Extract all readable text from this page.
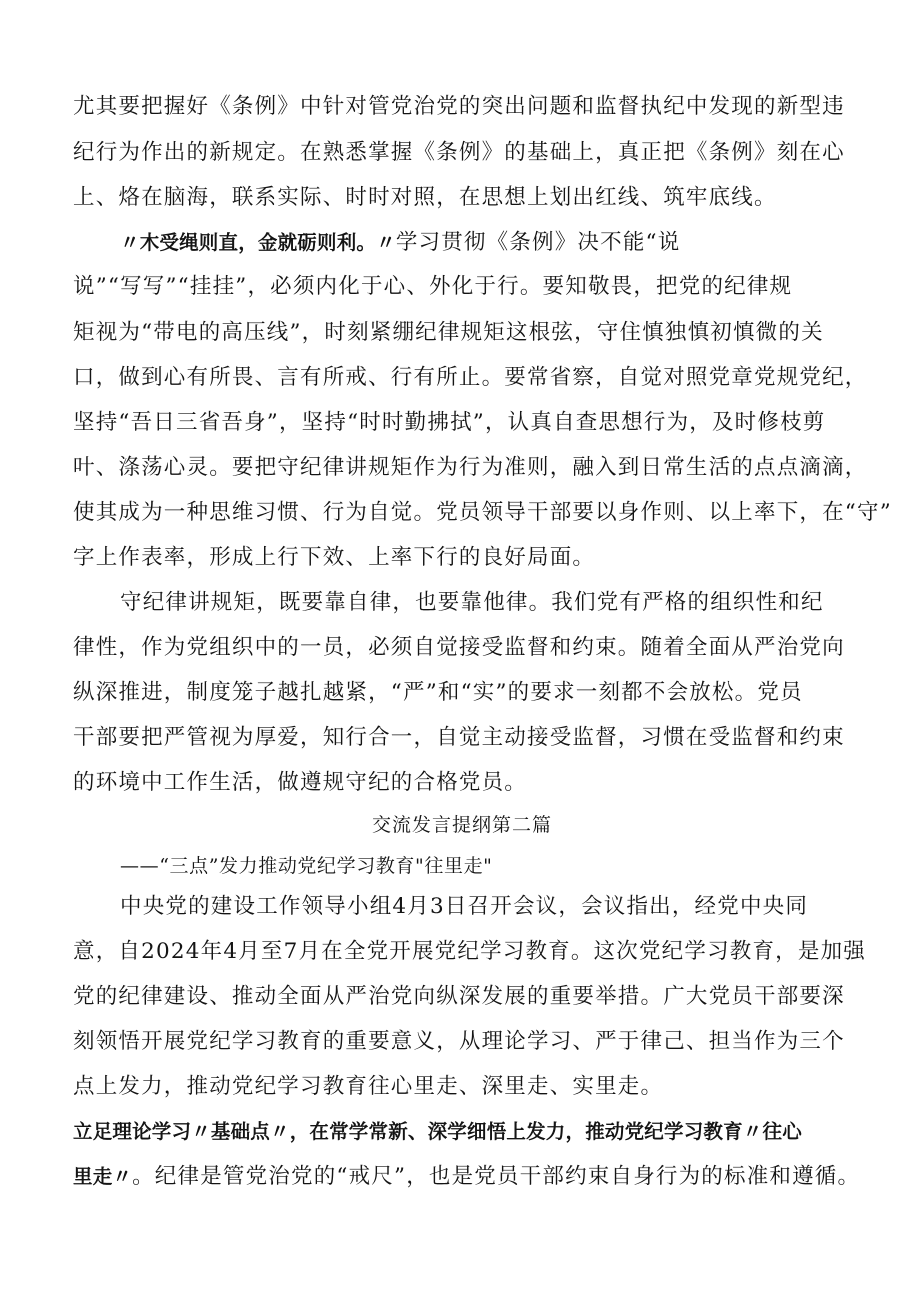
尤其要把握好《条例》中针对管党治党的突出问题和监督执纪中发现的新型违
纪行为作出的新规定。在熟悉掌握《条例》的基础上，真正把《条例》刻在心
上、烙在脑海，联系实际、时时对照，在思想上划出红线、筑牢底线。
〃木受绳则直，金就砺则利。〃学习贯彻《条例》决不能“说
说”“写写”“挂挂”，必须内化于心、外化于行。要知敬畏，把党的纪律规
矩视为“带电的高压线”，时刻紧绷纪律规矩这根弦，守住慎独慎初慎微的关
口，做到心有所畏、言有所戒、行有所止。要常省察，自觉对照党章党规党纪，
坚持“吾日三省吾身”，坚持“时时勤拂拭”，认真自查思想行为，及时修枝剪
叶、涤荡心灵。要把守纪律讲规矩作为行为准则，融入到日常生活的点点滴滴，
使其成为一种思维习惯、行为自觉。党员领导干部要以身作则、以上率下，在“守”
字上作表率，形成上行下效、上率下行的良好局面。
守纪律讲规矩，既要靠自律，也要靠他律。我们党有严格的组织性和纪
律性，作为党组织中的一员，必须自觉接受监督和约束。随着全面从严治党向
纵深推进，制度笼子越扎越紧，“严”和“实”的要求一刻都不会放松。党员
干部要把严管视为厚爱，知行合一，自觉主动接受监督，习惯在受监督和约束
的环境中工作生活，做遵规守纪的合格党员。
交流发言提纲第二篇
——“三点”发力推动党纪学习教育"往里走"
中央党的建设工作领导小组4月3日召开会议，会议指出，经党中央同
意，自2024年4月至7月在全党开展党纪学习教育。这次党纪学习教育，是加强
党的纪律建设、推动全面从严治党向纵深发展的重要举措。广大党员干部要深
刻领悟开展党纪学习教育的重要意义，从理论学习、严于律己、担当作为三个
点上发力，推动党纪学习教育往心里走、深里走、实里走。
立足理论学习〃基础点〃，在常学常新、深学细悟上发力，推动党纪学习教育〃往心
里走〃。纪律是管党治党的“戒尺”，也是党员干部约束自身行为的标准和遵循。
